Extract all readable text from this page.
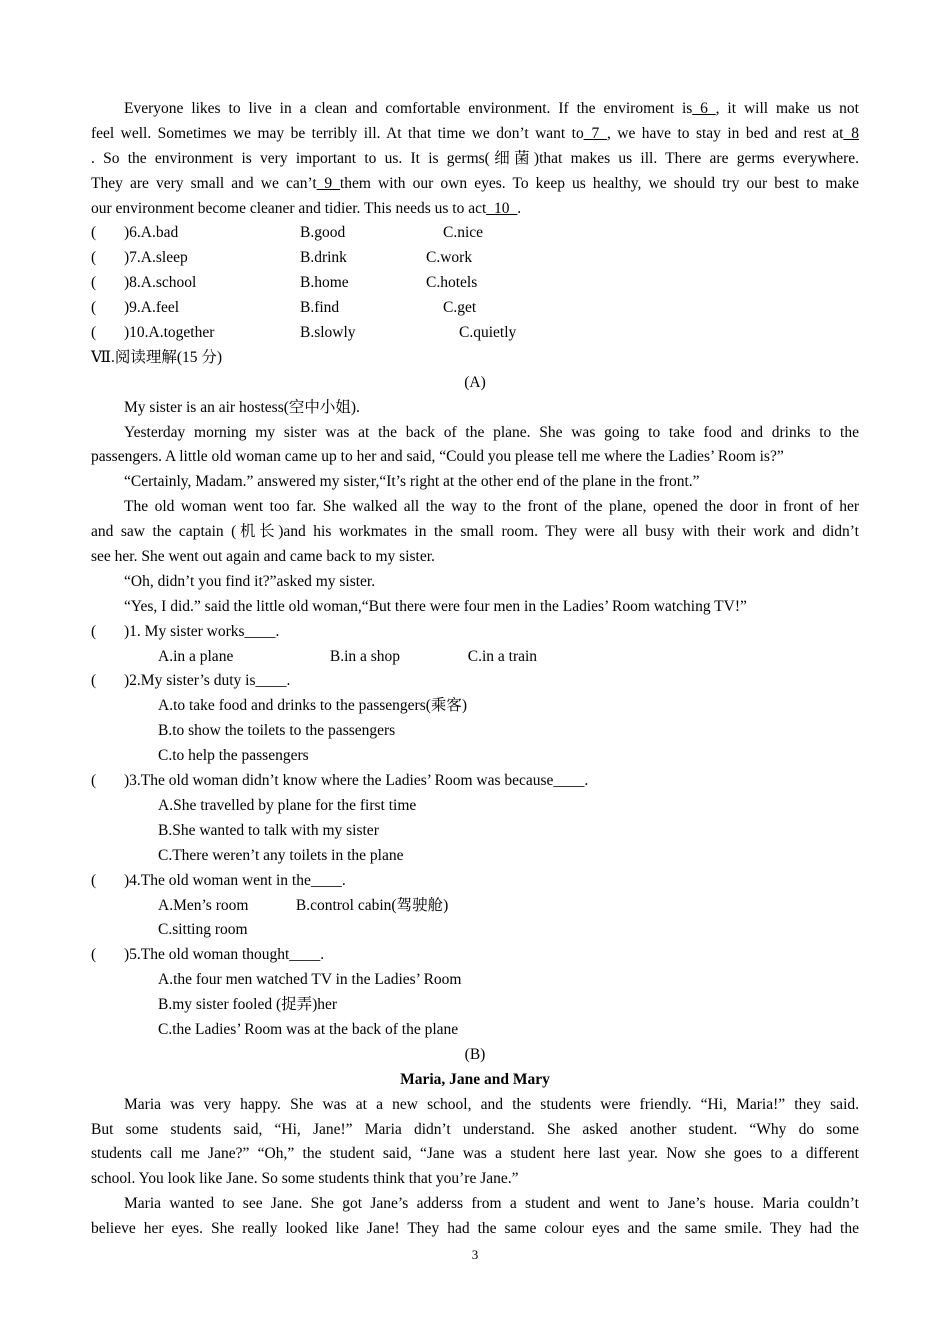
Everyone likes to live in a clean and comfortable environment. If the enviroment is_6_, it will make us not
feel well. Sometimes we may be terribly ill. At that time we don’t want to_7_, we have to stay in bed and rest at_8
. So the environment is very important to us. It is germs(细菌)that makes us ill. There are germs everywhere.
They are very small and we can’t_9_them with our own eyes. To keep us healthy, we should try our best to make
our environment become cleaner and tidier. This needs us to act_10_.
(	)6.A.bad	B.good	C.nice
(	)7.A.sleep	B.drink	C.work
(	)8.A.school	B.home	C.hotels
(	)9.A.feel	B.find	C.get
(	)10.A.together	B.slowly	C.quietly
Ⅶ.阅读理解(15 分)
(A)
My sister is an air hostess(空中小姐).
Yesterday morning my sister was at the back of the plane. She was going to take food and drinks to the
passengers. A little old woman came up to her and said, “Could you please tell me where the Ladies’ Room is?”
“Certainly, Madam.” answered my sister,“It’s right at the other end of the plane in the front.”
The old woman went too far. She walked all the way to the front of the plane, opened the door in front of her
and saw the captain (机长)and his workmates in the small room. They were all busy with their work and didn’t
see her. She went out again and came back to my sister.
“Oh, didn’t you find it?”asked my sister.
“Yes, I did.” said the little old woman,“But there were four men in the Ladies’ Room watching TV!”
(	)1. My sister works____.
A.in a plane	B.in a shop	C.in a train
(	)2.My sister’s duty is____.
A.to take food and drinks to the passengers(乘客)
B.to show the toilets to the passengers
C.to help the passengers
(	)3.The old woman didn’t know where the Ladies’ Room was because____.
A.She travelled by plane for the first time
B.She wanted to talk with my sister
C.There weren’t any toilets in the plane
(	)4.The old woman went in the____.
A.Men’s room	B.control cabin(驾驶舱)
C.sitting room
(	)5.The old woman thought____.
A.the four men watched TV in the Ladies’ Room
B.my sister fooled (捉弄)her
C.the Ladies’ Room was at the back of the plane
(B)
Maria, Jane and Mary
Maria was very happy. She was at a new school, and the students were friendly. “Hi, Maria!” they said.
But some students said, “Hi, Jane!” Maria didn’t understand. She asked another student. “Why do some
students call me Jane?” “Oh,” the student said, “Jane was a student here last year. Now she goes to a different
school. You look like Jane. So some students think that you’re Jane.”
Maria wanted to see Jane. She got Jane’s adderss from a student and went to Jane’s house. Maria couldn’t
believe her eyes. She really looked like Jane! They had the same colour eyes and the same smile. They had the
3
